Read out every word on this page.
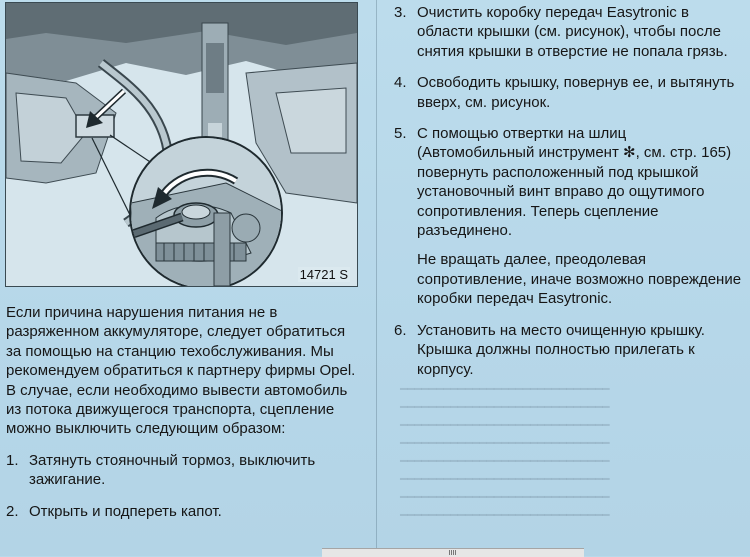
━━━━━━━━━━━━━━━━━━━━━━━━━━━━━
━━━━━━━━━━━━━━━━━━━━━━━━━━━━━
━━━━━━━━━━━━━━━━━━━━━━━━━━━━━
━━━━━━━━━━━━━━━━━━━━━━━━━━━━━
━━━━━━━━━━━━━━━━━━━━━━━━━━━━━
━━━━━━━━━━━━━━━━━━━━━━━━━━━━━
━━━━━━━━━━━━━━━━━━━━━━━━━━━━━
━━━━━━━━━━━━━━━━━━━━━━━━━━━━━
14721 S

Если причина нарушения питания не в разряженном аккумуляторе, следует обратиться за помощью на станцию техобслуживания. Мы рекомендуем обратиться к партнеру фирмы Opel. В случае, если необходимо вывести автомобиль из потока движущегося транспорта, сцепление можно выключить следующим образом:

1. Затянуть стояночный тормоз, выключить зажигание.
2. Открыть и подпереть капот.
3. Очистить коробку передач Easytronic в области крышки (см. рисунок), чтобы после снятия крышки в отверстие не попала грязь.
4. Освободить крышку, повернув ее, и вытянуть вверх, см. рисунок.
5. С помощью отвертки на шлиц (Автомобильный инструмент ✻, см. стр. 165) повернуть расположенный под крышкой установочный винт вправо до ощутимого сопротивления. Теперь сцепление разъединено.

Не вращать далее, преодолевая сопротивление, иначе возможно повреждение коробки передач Easytronic.

6. Установить на место очищенную крышку. Крышка должны полностью прилегать к корпусу.
